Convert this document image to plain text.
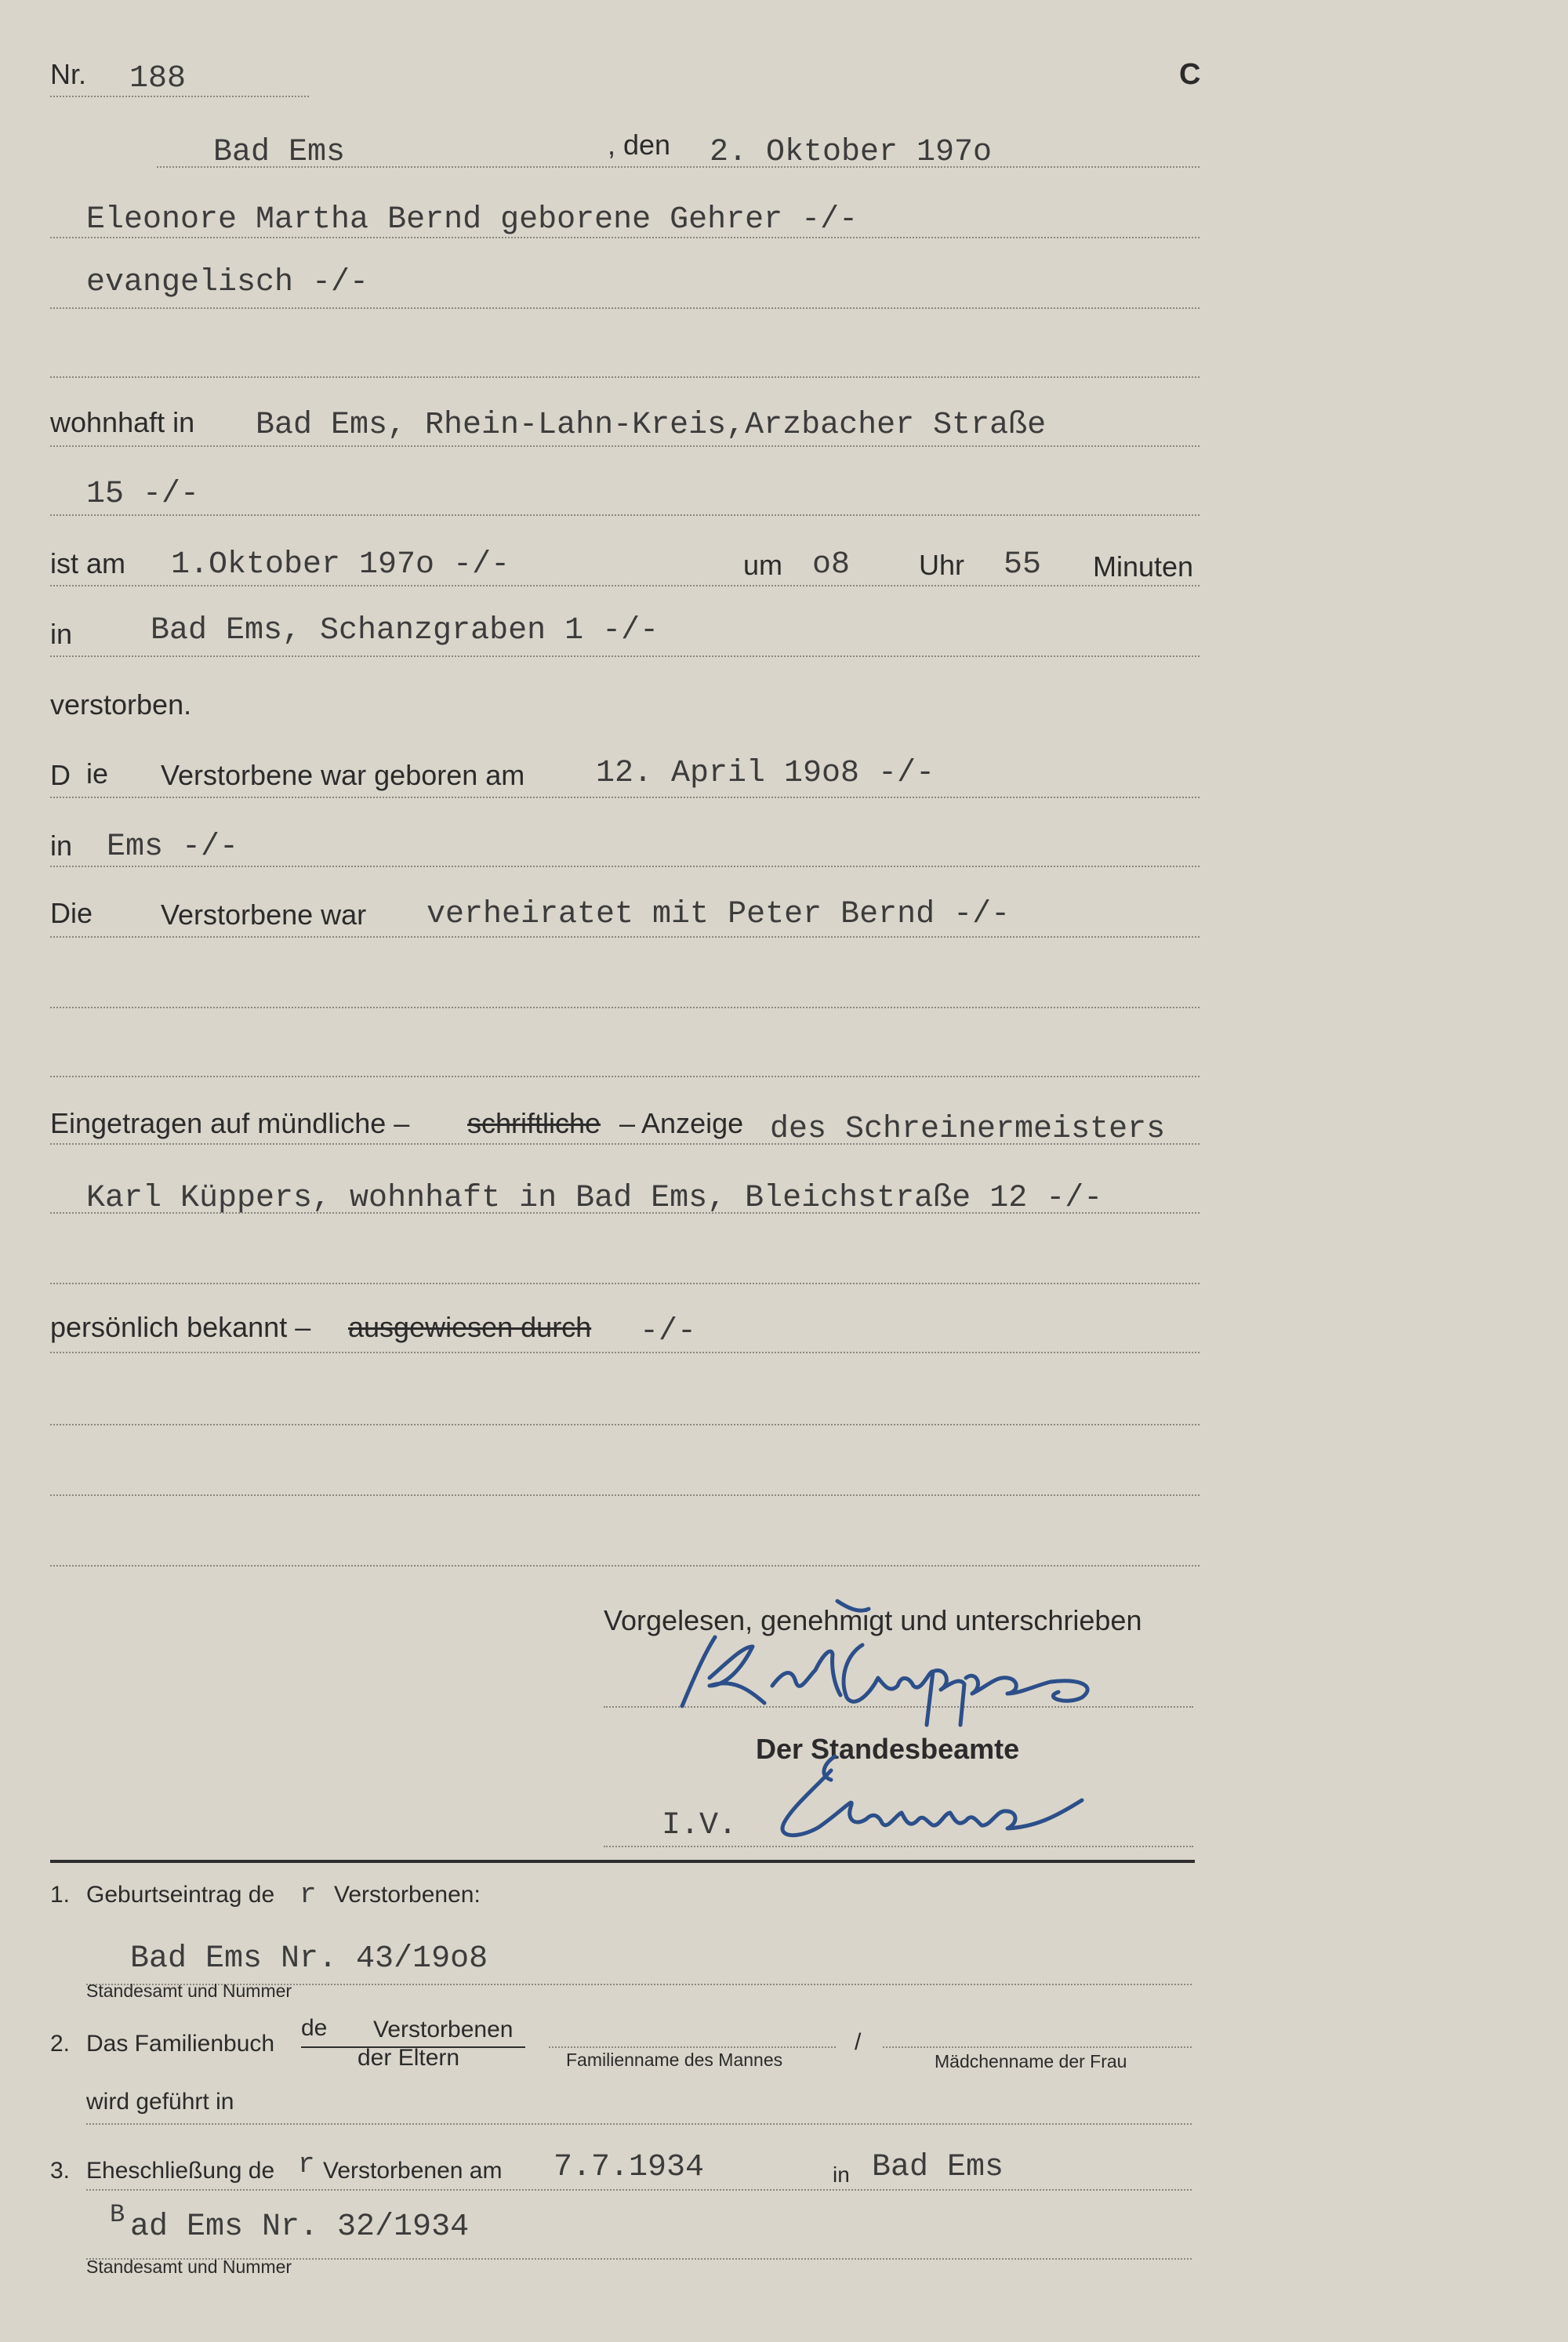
Nr. 188	C
Bad Ems	, den 2. Oktober 197o
Eleonore Martha Bernd geborene Gehrer -/-
evangelisch -/-
wohnhaft in Bad Ems, Rhein-Lahn-Kreis,Arzbacher Straße
15 -/-
ist am 1.Oktober 197o -/-	um o8 Uhr 55 Minuten
in Bad Ems, Schanzgraben 1 -/-
verstorben.
D ie Verstorbene war geboren am 12. April 19o8 -/-
in Ems -/-
Die Verstorbene war verheiratet mit Peter Bernd -/-
Eingetragen auf mündliche – schriftliche – Anzeige des Schreinermeisters
Karl Küppers, wohnhaft in Bad Ems, Bleichstraße 12 -/-
persönlich bekannt – ausgewiesen durch -/-
Vorgelesen, genehmigt und unterschrieben
Der Standesbeamte
I.V.
1. Geburtseintrag de r Verstorbenen:
Bad Ems Nr. 43/19o8
Standesamt und Nummer
2. Das Familienbuch
de Verstorbenen
der Eltern	Familienname des Mannes
/
Mädchenname der Frau
wird geführt in
3. Eheschließung de r Verstorbenen am 7.7.1934	in Bad Ems
B ad Ems Nr. 32/1934
Standesamt und Nummer
